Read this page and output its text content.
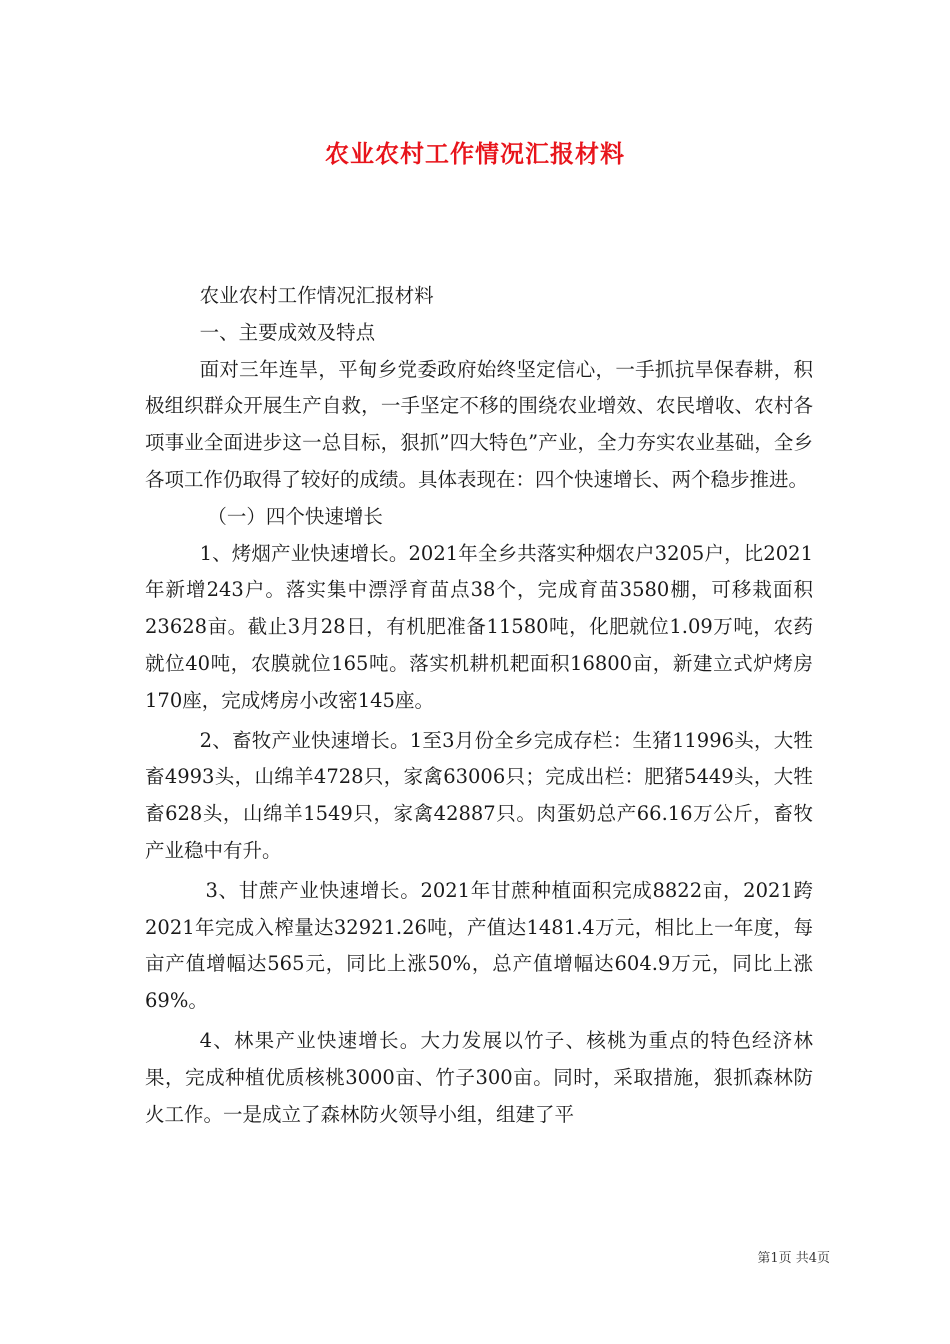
农业农村工作情况汇报材料

农业农村工作情况汇报材料

一、主要成效及特点

面对三年连旱，平甸乡党委政府始终坚定信心，一手抓抗旱保春耕，积极组织群众开展生产自救，一手坚定不移的围绕农业增效、农民增收、农村各项事业全面进步这一总目标，狠抓”四大特色”产业，全力夯实农业基础，全乡各项工作仍取得了较好的成绩。具体表现在：四个快速增长、两个稳步推进。

（一）四个快速增长

1、烤烟产业快速增长。2021年全乡共落实种烟农户3205户，比2021年新增243户。落实集中漂浮育苗点38个，完成育苗3580棚，可移栽面积23628亩。截止3月28日，有机肥准备11580吨，化肥就位1.09万吨，农药就位40吨，农膜就位165吨。落实机耕机耙面积16800亩，新建立式炉烤房170座，完成烤房小改密145座。

2、畜牧产业快速增长。1至3月份全乡完成存栏：生猪11996头，大牲畜4993头，山绵羊4728只，家禽63006只；完成出栏：肥猪5449头，大牲畜628头，山绵羊1549只，家禽42887只。肉蛋奶总产66.16万公斤，畜牧产业稳中有升。

3、甘蔗产业快速增长。2021年甘蔗种植面积完成8822亩，2021跨2021年完成入榨量达32921.26吨，产值达1481.4万元，相比上一年度，每亩产值增幅达565元，同比上涨50%，总产值增幅达604.9万元，同比上涨69%。

4、林果产业快速增长。大力发展以竹子、核桃为重点的特色经济林果，完成种植优质核桃3000亩、竹子300亩。同时，采取措施，狠抓森林防火工作。一是成立了森林防火领导小组，组建了平

第1页 共4页
